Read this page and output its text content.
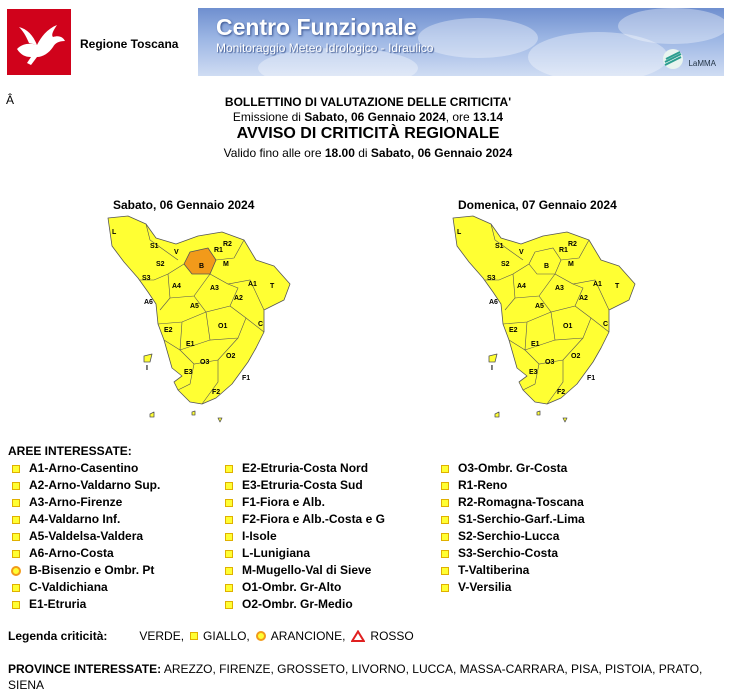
Regione Toscana
Centro Funzionale
Monitoraggio Meteo Idrologico - Idraulico
LaMMA
Â	BOLLETTINO DI VALUTAZIONE DELLE CRITICITA'
Emissione di Sabato, 06 Gennaio 2024, ore 13.14
AVVISO DI CRITICITÀ REGIONALE
Valido fino alle ore 18.00 di Sabato, 06 Gennaio 2024
Sabato, 06 Gennaio 2024	Domenica, 07 Gennaio 2024
L
S1
S2
S3
V
B	M
R1
R2
A1
A2
A3
A4
A5
A6
T
C
E1
E2
E3
O1
O2
O3
F1
F2
I
L
S1
S2
S3
V
B	M
R1
R2
A1
A2
A3
A4
A5
A6
T
C
E1
E2
E3
O1
O2
O3
F1
F2
I
AREE INTERESSATE:
A1-Arno-Casentino
A2-Arno-Valdarno Sup.
A3-Arno-Firenze
A4-Valdarno Inf.
A5-Valdelsa-Valdera
A6-Arno-Costa
B-Bisenzio e Ombr. Pt
C-Valdichiana
E1-Etruria
E2-Etruria-Costa Nord
E3-Etruria-Costa Sud
F1-Fiora e Alb.
F2-Fiora e Alb.-Costa e G
I-Isole
L-Lunigiana
M-Mugello-Val di Sieve
O1-Ombr. Gr-Alto
O2-Ombr. Gr-Medio
O3-Ombr. Gr-Costa
R1-Reno
R2-Romagna-Toscana
S1-Serchio-Garf.-Lima
S2-Serchio-Lucca
S3-Serchio-Costa
T-Valtiberina
V-Versilia
Legenda criticità:	VERDE, GIALLO, ARANCIONE, ROSSO
PROVINCE INTERESSATE: AREZZO, FIRENZE, GROSSETO, LIVORNO, LUCCA, MASSA-CARRARA, PISA, PISTOIA, PRATO, SIENA
